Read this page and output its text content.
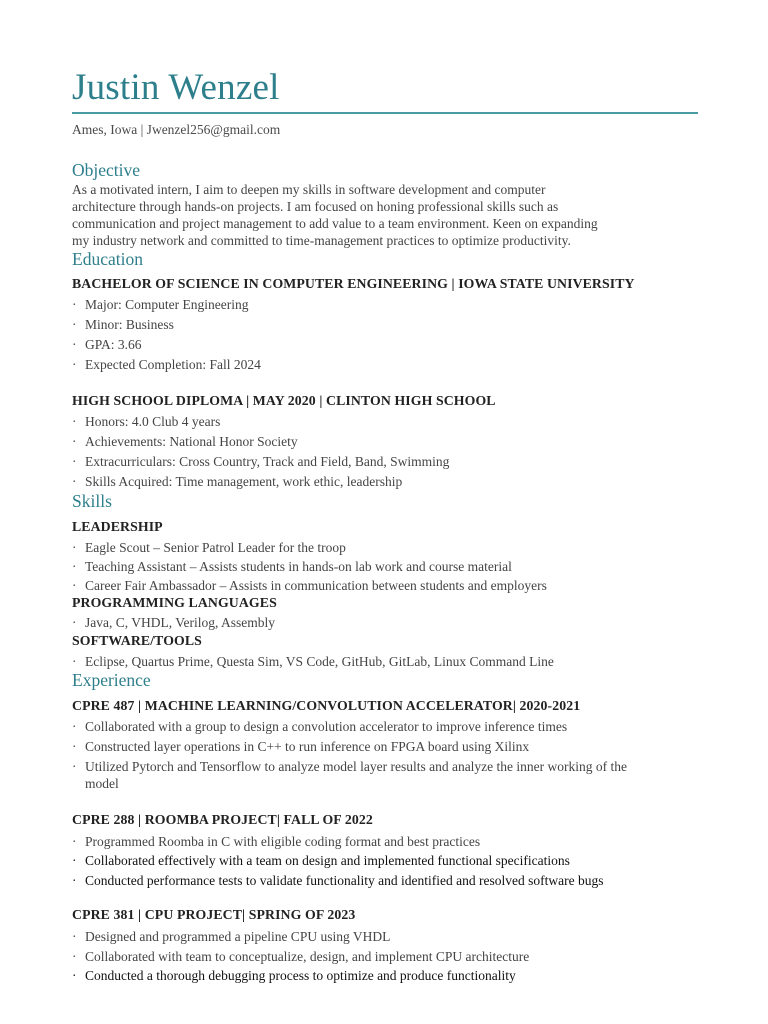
Justin Wenzel
Ames, Iowa | Jwenzel256@gmail.com
Objective
As a motivated intern, I aim to deepen my skills in software development and computer
architecture through hands-on projects. I am focused on honing professional skills such as
communication and project management to add value to a team environment. Keen on expanding
my industry network and committed to time-management practices to optimize productivity.
Education
BACHELOR OF SCIENCE IN COMPUTER ENGINEERING | IOWA STATE UNIVERSITY
· Major: Computer Engineering
· Minor: Business
· GPA: 3.66
· Expected Completion: Fall 2024
HIGH SCHOOL DIPLOMA | MAY 2020 | CLINTON HIGH SCHOOL
· Honors: 4.0 Club 4 years
· Achievements: National Honor Society
· Extracurriculars: Cross Country, Track and Field, Band, Swimming
· Skills Acquired: Time management, work ethic, leadership
Skills
LEADERSHIP
· Eagle Scout – Senior Patrol Leader for the troop
· Teaching Assistant – Assists students in hands-on lab work and course material
· Career Fair Ambassador – Assists in communication between students and employers
PROGRAMMING LANGUAGES
· Java, C, VHDL, Verilog, Assembly
SOFTWARE/TOOLS
· Eclipse, Quartus Prime, Questa Sim, VS Code, GitHub, GitLab, Linux Command Line
Experience
CPRE 487 | MACHINE LEARNING/CONVOLUTION ACCELERATOR| 2020-2021
· Collaborated with a group to design a convolution accelerator to improve inference times
· Constructed layer operations in C++ to run inference on FPGA board using Xilinx
· Utilized Pytorch and Tensorflow to analyze model layer results and analyze the inner working of the model
CPRE 288 | ROOMBA PROJECT| FALL OF 2022
· Programmed Roomba in C with eligible coding format and best practices
· Collaborated effectively with a team on design and implemented functional specifications
· Conducted performance tests to validate functionality and identified and resolved software bugs
CPRE 381 | CPU PROJECT| SPRING OF 2023
· Designed and programmed a pipeline CPU using VHDL
· Collaborated with team to conceptualize, design, and implement CPU architecture
· Conducted a thorough debugging process to optimize and produce functionality
